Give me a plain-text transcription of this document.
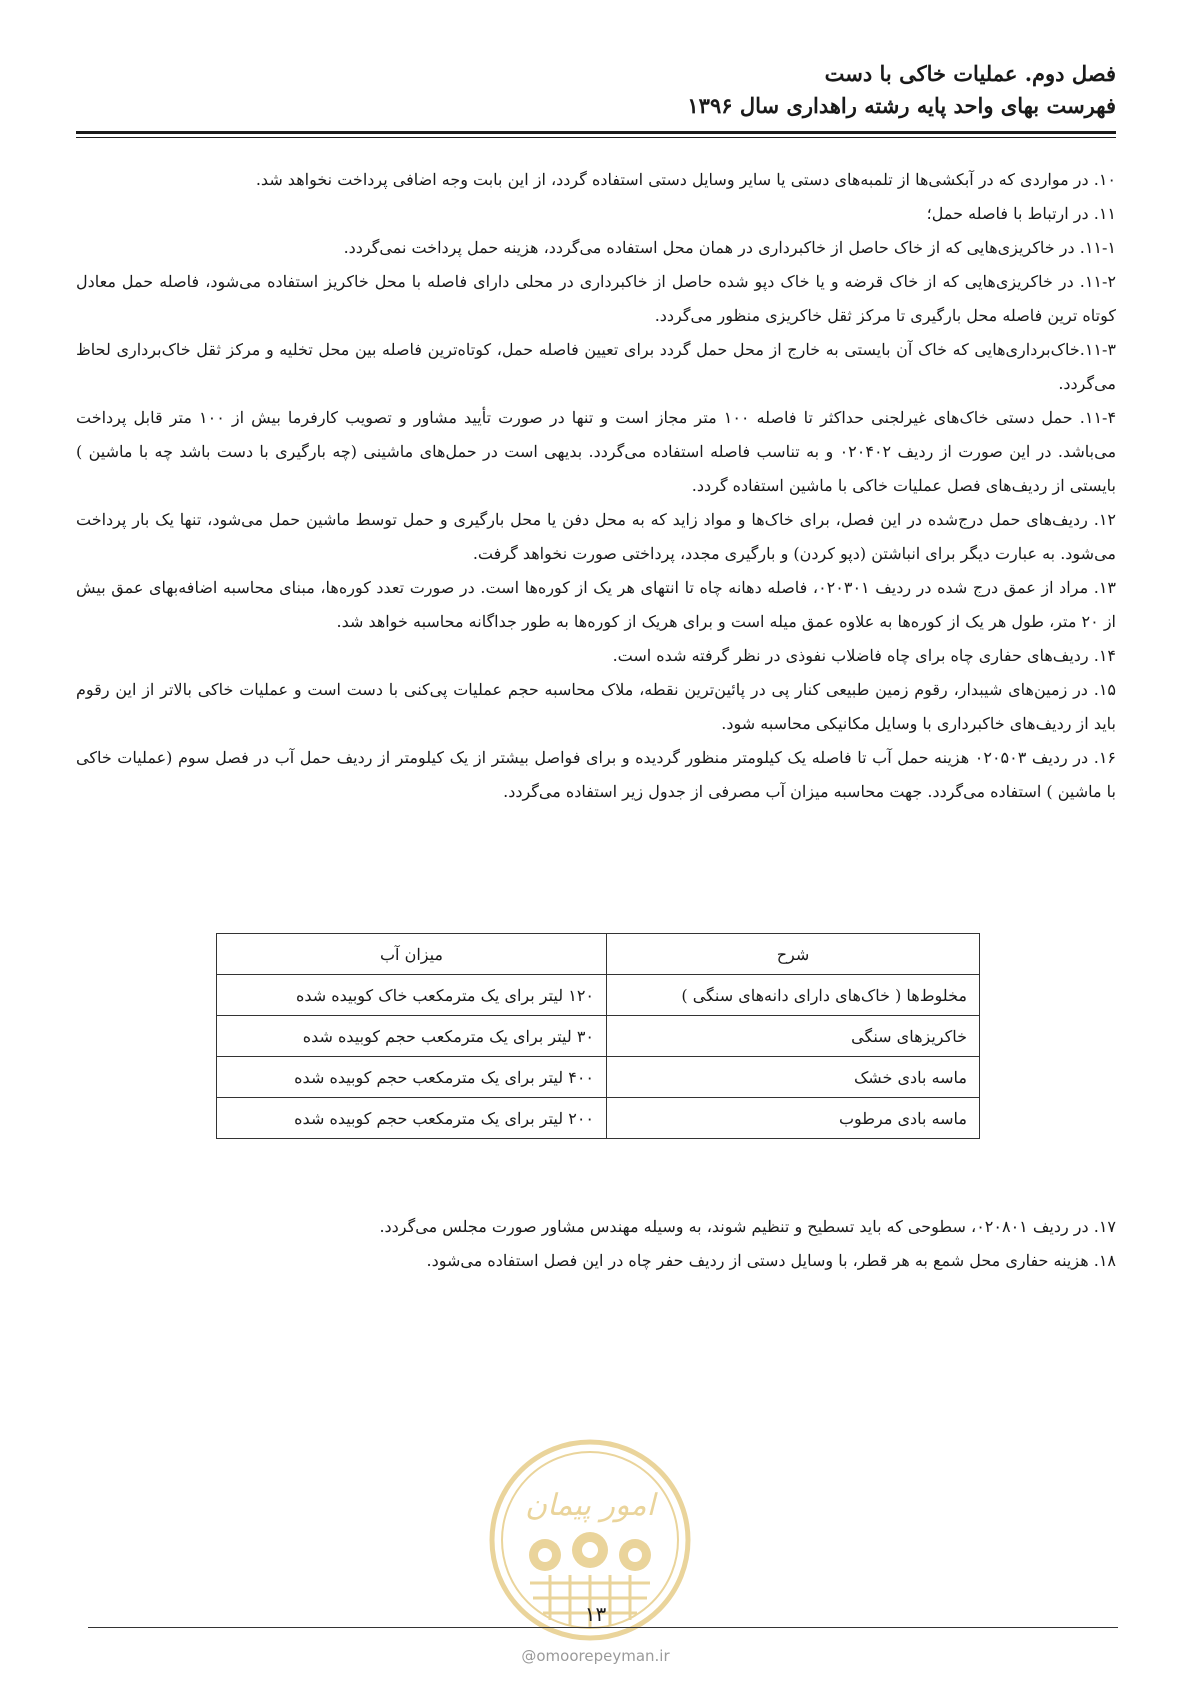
فصل دوم. عملیات خاکی با دست
فهرست بهای واحد پایه رشته راهداری سال ۱۳۹۶

۱۰. در مواردی که در آبکشی‌ها از تلمبه‌های دستی یا سایر وسایل دستی استفاده گردد، از این بابت وجه اضافی پرداخت نخواهد شد.

۱۱. در ارتباط با فاصله حمل؛

۱۱-۱. در خاکریزی‌هایی که از خاک حاصل از خاکبرداری در همان محل استفاده می‌گردد، هزینه حمل پرداخت نمی‌گردد.

۱۱-۲. در خاکریزی‌هایی که از خاک قرضه و یا خاک دپو شده حاصل از خاکبرداری در محلی دارای فاصله با محل خاکریز استفاده می‌شود، فاصله حمل معادل کوتاه ترین فاصله محل بارگیری تا مرکز ثقل خاکریزی منظور می‌گردد.

۱۱-۳.خاک‌برداری‌هایی که خاک آن بایستی به خارج از محل حمل گردد برای تعیین فاصله حمل، کوتاه‌ترین فاصله بین محل تخلیه و مرکز ثقل خاک‌برداری لحاظ می‌گردد.

۱۱-۴. حمل دستی خاک‌های غیرلجنی حداکثر تا فاصله ۱۰۰ متر مجاز است و تنها در صورت تأیید مشاور و تصویب کارفرما بیش از ۱۰۰ متر قابل پرداخت می‌باشد. در این صورت از ردیف ۰۲۰۴۰۲ و به تناسب فاصله استفاده می‌گردد. بدیهی است در حمل‌های ماشینی (چه بارگیری با دست باشد چه با ماشین ) بایستی از ردیف‌های فصل عملیات خاکی با ماشین استفاده گردد.

۱۲. ردیف‌های حمل درج‌شده در این فصل، برای خاک‌ها و مواد زاید که به محل دفن یا محل بارگیری و حمل توسط ماشین حمل می‌شود، تنها یک بار پرداخت می‌شود. به عبارت دیگر برای انباشتن (دپو کردن) و بارگیری مجدد، پرداختی صورت نخواهد گرفت.

۱۳. مراد از عمق درج شده در ردیف ۰۲۰۳۰۱، فاصله دهانه چاه تا انتهای هر یک از کوره‌ها است. در صورت تعدد کوره‌ها، مبنای محاسبه اضافه‌بهای عمق بیش از ۲۰ متر، طول هر یک از کوره‌ها به علاوه عمق میله است و برای هریک از کوره‌ها به طور جداگانه محاسبه خواهد شد.

۱۴. ردیف‌های حفاری چاه برای چاه فاضلاب نفوذی در نظر گرفته شده است.

۱۵. در زمین‌های شیبدار، رقوم زمین طبیعی کنار پی در پائین‌ترین نقطه، ملاک محاسبه حجم عملیات پی‌کنی با دست است و عملیات خاکی بالاتر از این رقوم باید از ردیف‌های خاکبرداری با وسایل مکانیکی محاسبه شود.

۱۶. در ردیف ۰۲۰۵۰۳ هزینه حمل آب تا فاصله یک کیلومتر منظور گردیده و برای فواصل بیشتر از یک کیلومتر از ردیف حمل آب در فصل سوم (عملیات خاکی با ماشین ) استفاده می‌گردد. جهت محاسبه میزان آب مصرفی از جدول زیر استفاده می‌گردد.

شرح	میزان آب
مخلوط‌ها ( خاک‌های دارای دانه‌های سنگی )	۱۲۰ لیتر برای یک مترمکعب خاک کوبیده شده
خاکریزهای سنگی	۳۰ لیتر برای یک مترمکعب حجم کوبیده شده
ماسه بادی خشک	۴۰۰ لیتر برای یک مترمکعب حجم کوبیده شده
ماسه بادی مرطوب	۲۰۰ لیتر برای یک مترمکعب حجم کوبیده شده

۱۷. در ردیف ۰۲۰۸۰۱، سطوحی که باید تسطیح و تنظیم شوند، به وسیله مهندس مشاور صورت مجلس می‌گردد.

۱۸. هزینه حفاری محل شمع به هر قطر، با وسایل دستی از ردیف حفر چاه در این فصل استفاده می‌شود.

امور پیمان
۱۳
@omoorepeyman.ir
